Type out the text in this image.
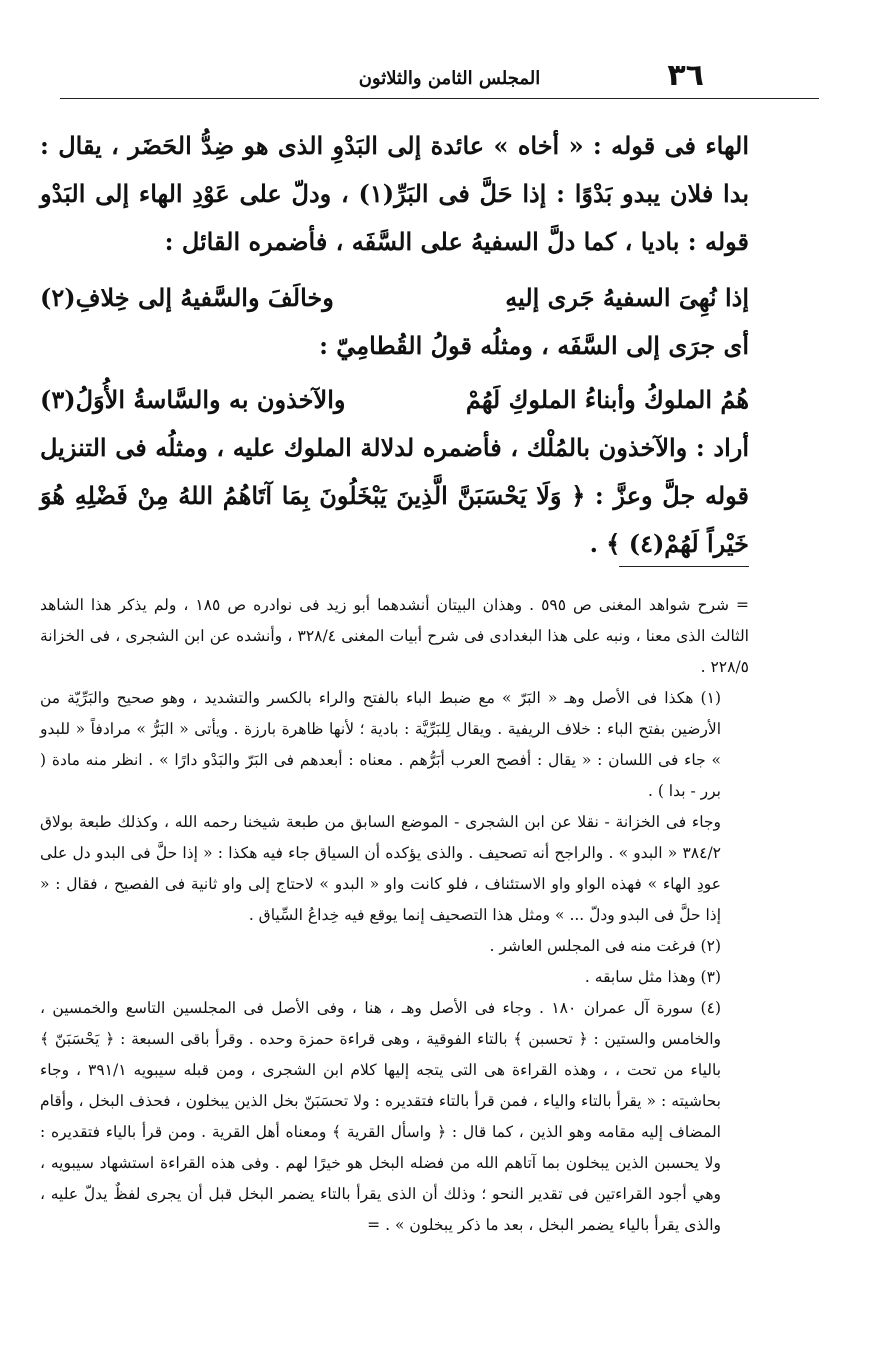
٣٦
المجلس الثامن والثلاثون

الهاء فى قوله : « أخاه » عائدة إلى البَدْوِ الذى هو ضِدُّ الحَضَر ، يقال : بدا فلان يبدو بَدْوًا : إذا حَلَّ فى البَرِّ(١) ، ودلّ على عَوْدِ الهاء إلى البَدْو قوله : باديا ، كما دلَّ السفيهُ على السَّفَه ، فأضمره القائل :

إذا نُهِىَ السفيهُ جَرى إليهِ
وخالَفَ والسَّفيهُ إلى خِلافِ(٢)

أى جرَى إلى السَّفَه ، ومثلُه قولُ القُطامِيّ :

هُمُ الملوكُ وأبناءُ الملوكِ لَهُمْ
والآخذون به والسَّاسةُ الأُوَلُ(٣)

أراد : والآخذون بالمُلْك ، فأضمره لدلالة الملوك عليه ، ومثلُه فى التنزيل قوله جلَّ وعزَّ : ﴿ وَلَا يَحْسَبَنَّ الَّذِينَ يَبْخَلُونَ بِمَا آتَاهُمُ اللهُ مِنْ فَضْلِهِ هُوَ خَيْراً لَهُمْ(٤) ﴾ .

= شرح شواهد المغنى ص ٥٩٥ . وهذان البيتان أنشدهما أبو زيد فى نوادره ص ١٨٥ ، ولم يذكر هذا الشاهد الثالث الذى معنا ، ونبه على هذا البغدادى فى شرح أبيات المغنى ٣٢٨/٤ ، وأنشده عن ابن الشجرى ، فى الخزانة ٢٢٨/٥ .

(١) هكذا فى الأصل وهـ « البَرّ » مع ضبط الباء بالفتح والراء بالكسر والتشديد ، وهو صحيح والبَرِّيّة من الأرضين بفتح الباء : خلاف الريفية . ويقال لِلبَرِّيَّة : بادية ؛ لأنها ظاهرة بارزة . ويأتى « البَرُّ » مرادفاً « للبدو » جاء فى اللسان : « يقال : أفصح العرب أبَرُّهم . معناه : أبعدهم فى البَرّ والبَدْو دارًا » . انظر منه مادة ( برر - بدا ) .

وجاء فى الخزانة - نقلا عن ابن الشجرى - الموضع السابق من طبعة شيخنا رحمه الله ، وكذلك طبعة بولاق ٣٨٤/٢ « البدو » . والراجح أنه تصحيف . والذى يؤكده أن السياق جاء فيه هكذا : « إذا حلَّ فى البدو دل على عودِ الهاء » فهذه الواو واو الاستئناف ، فلو كانت واو « البدو » لاحتاج إلى واو ثانية فى الفصيح ، فقال : « إذا حلَّ فى البدو ودلّ ... » ومثل هذا التصحيف إنما يوقع فيه خِداعُ السِّياق .

(٢) فرغت منه فى المجلس العاشر .

(٣) وهذا مثل سابقه .

(٤) سورة آل عمران ١٨٠ . وجاء فى الأصل وهـ ، هنا ، وفى الأصل فى المجلسين التاسع والخمسين ، والخامس والستين : ﴿ تحسبن ﴾ بالتاء الفوقية ، وهى قراءة حمزة وحده . وقرأ باقى السبعة : ﴿ يَحْسَبَنّ ﴾ بالياء من تحت ، ، وهذه القراءة هى التى يتجه إليها كلام ابن الشجرى ، ومن قبله سيبويه ٣٩١/١ ، وجاء بحاشيته : « يقرأ بالتاء والياء ، فمن قرأ بالتاء فتقديره : ولا تحسَبَنّ بخل الذين يبخلون ، فحذف البخل ، وأقام المضاف إليه مقامه وهو الذين ، كما قال : ﴿ واسأل القرية ﴾ ومعناه أهل القرية . ومن قرأ بالياء فتقديره : ولا يحسبن الذين يبخلون بما آتاهم الله من فضله البخل هو خيرًا لهم . وفى هذه القراءة استشهاد سيبويه ، وهي أجود القراءتين فى تقدير النحو ؛ وذلك أن الذى يقرأ بالتاء يضمر البخل قبل أن يجرى لفظٌ يدلّ عليه ، والذى يقرأ بالياء يضمر البخل ، بعد ما ذكر يبخلون » . =
